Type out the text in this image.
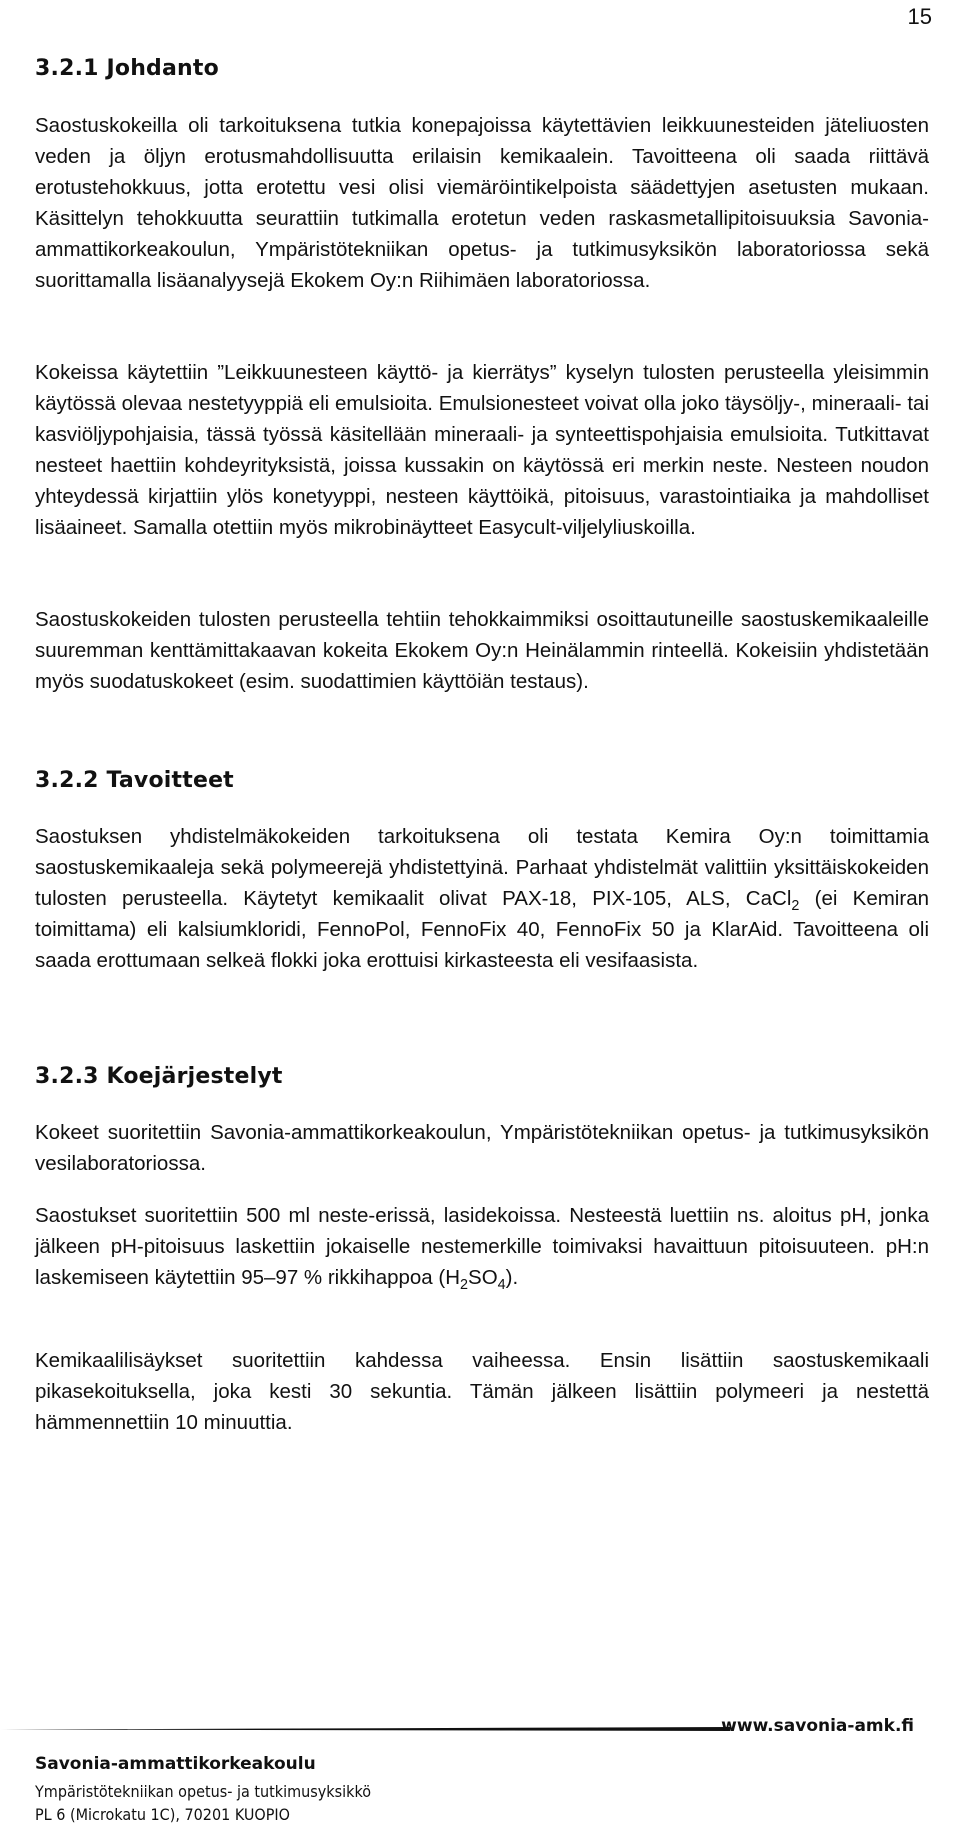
15
3.2.1 Johdanto
Saostuskokeilla oli tarkoituksena tutkia konepajoissa käytettävien leikkuunesteiden jäteliuosten veden ja öljyn erotusmahdollisuutta erilaisin kemikaalein. Tavoitteena oli saada riittävä erotustehokkuus, jotta erotettu vesi olisi viemäröintikelpoista säädettyjen asetusten mukaan. Käsittelyn tehokkuutta seurattiin tutkimalla erotetun veden raskasmetallipitoisuuksia Savonia-ammattikorkeakoulun, Ympäristötekniikan opetus- ja tutkimusyksikön laboratoriossa sekä suorittamalla lisäanalyysejä Ekokem Oy:n Riihimäen laboratoriossa.
Kokeissa käytettiin ”Leikkuunesteen käyttö- ja kierrätys” kyselyn tulosten perusteella yleisimmin käytössä olevaa nestetyyppiä eli emulsioita. Emulsionesteet voivat olla joko täysöljy-, mineraali- tai kasviöljypohjaisia, tässä työssä käsitellään mineraali- ja synteettispohjaisia emulsioita. Tutkittavat nesteet haettiin kohdeyrityksistä, joissa kussakin on käytössä eri merkin neste. Nesteen noudon yhteydessä kirjattiin ylös konetyyppi, nesteen käyttöikä, pitoisuus, varastointiaika ja mahdolliset lisäaineet. Samalla otettiin myös mikrobinäytteet Easycult-viljelyliuskoilla.
Saostuskokeiden tulosten perusteella tehtiin tehokkaimmiksi osoittautuneille saostuskemikaaleille suuremman kenttämittakaavan kokeita Ekokem Oy:n Heinälammin rinteellä. Kokeisiin yhdistetään myös suodatuskokeet (esim. suodattimien käyttöiän testaus).
3.2.2 Tavoitteet
Saostuksen yhdistelmäkokeiden tarkoituksena oli testata Kemira Oy:n toimittamia saostuskemikaaleja sekä polymeerejä yhdistettyinä. Parhaat yhdistelmät valittiin yksittäiskokeiden tulosten perusteella. Käytetyt kemikaalit olivat PAX-18, PIX-105, ALS, CaCl$_2$ (ei Kemiran toimittama) eli kalsiumkloridi, FennoPol, FennoFix 40, FennoFix 50 ja KlarAid. Tavoitteena oli saada erottumaan selkeä flokki joka erottuisi kirkasteesta eli vesifaasista.
3.2.3 Koejärjestelyt
Kokeet suoritettiin Savonia-ammattikorkeakoulun, Ympäristötekniikan opetus- ja tutkimusyksikön vesilaboratoriossa.
Saostukset suoritettiin 500 ml neste-erissä, lasidekoissa. Nesteestä luettiin ns. aloitus pH, jonka jälkeen pH-pitoisuus laskettiin jokaiselle nestemerkille toimivaksi havaittuun pitoisuuteen. pH:n laskemiseen käytettiin 95–97 % rikkihappoa $(H_2SO_4)$.
Kemikaalilisäykset suoritettiin kahdessa vaiheessa. Ensin lisättiin saostuskemikaali pikasekoituksella, joka kesti 30 sekuntia. Tämän jälkeen lisättiin polymeeri ja nestettä hämmennettiin 10 minuuttia.
www.savonia-amk.fi
Savonia-ammattikorkeakoulu
Ympäristötekniikan opetus- ja tutkimusyksikkö
PL 6 (Microkatu 1C), 70201 KUOPIO
